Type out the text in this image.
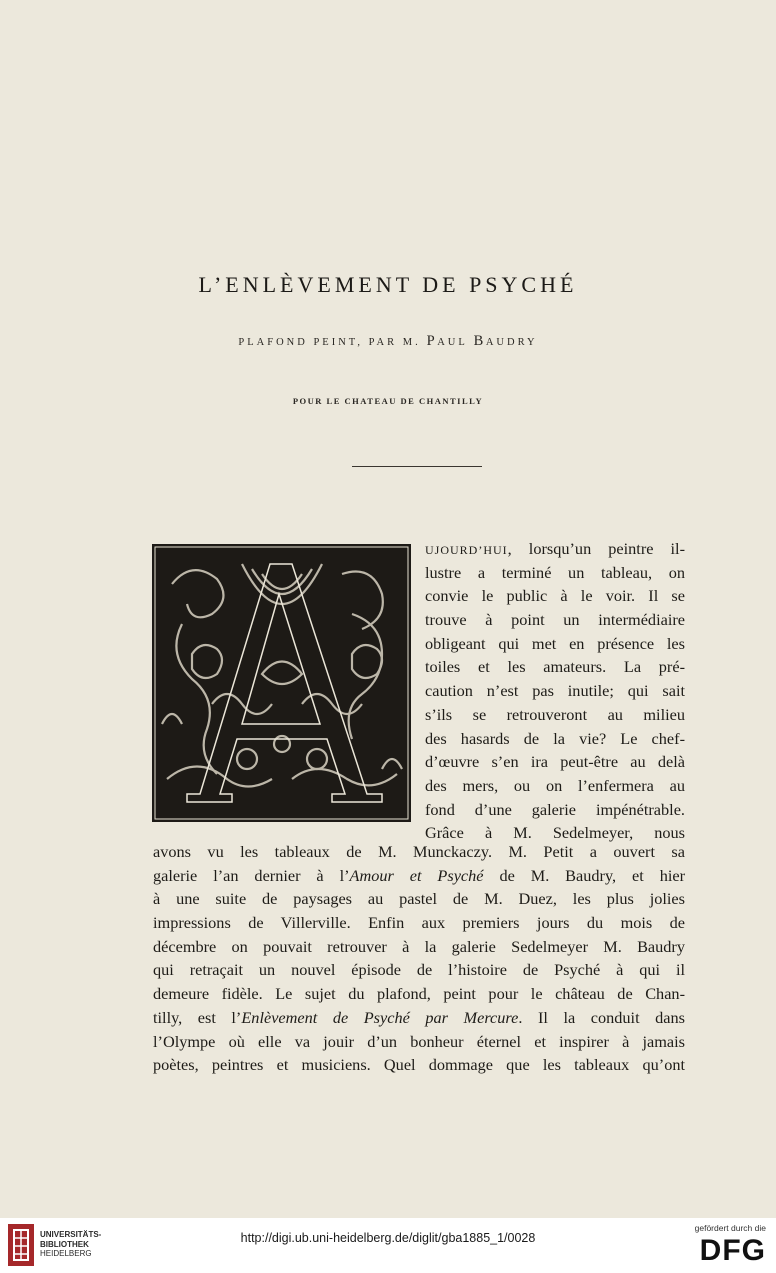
L’ENLÈVEMENT DE PSYCHÉ
PLAFOND PEINT, PAR M. PAUL BAUDRY
POUR LE CHATEAU DE CHANTILLY
UJOURD’HUI, lorsqu’un peintre il-
lustre a terminé un tableau, on
convie le public à le voir. Il se
trouve à point un intermédiaire
obligeant qui met en présence les
toiles et les amateurs. La pré-
caution n’est pas inutile; qui sait
s’ils se retrouveront au milieu
des hasards de la vie? Le chef-
d’œuvre s’en ira peut-être au delà
des mers, ou on l’enfermera au
fond d’une galerie impénétrable.
Grâce à M. Sedelmeyer, nous
avons vu les tableaux de M. Munckaczy. M. Petit a ouvert sa
galerie l’an dernier à l’Amour et Psyché de M. Baudry, et hier
à une suite de paysages au pastel de M. Duez, les plus jolies
impressions de Villerville. Enfin aux premiers jours du mois de
décembre on pouvait retrouver à la galerie Sedelmeyer M. Baudry
qui retraçait un nouvel épisode de l’histoire de Psyché à qui il
demeure fidèle. Le sujet du plafond, peint pour le château de Chan-
tilly, est l’Enlèvement de Psyché par Mercure. Il la conduit dans
l’Olympe où elle va jouir d’un bonheur éternel et inspirer à jamais
poètes, peintres et musiciens. Quel dommage que les tableaux qu’ont
UNIVERSITÄTS-
BIBLIOTHEK
HEIDELBERG
http://digi.ub.uni-heidelberg.de/diglit/gba1885_1/0028
gefördert durch die
DFG
